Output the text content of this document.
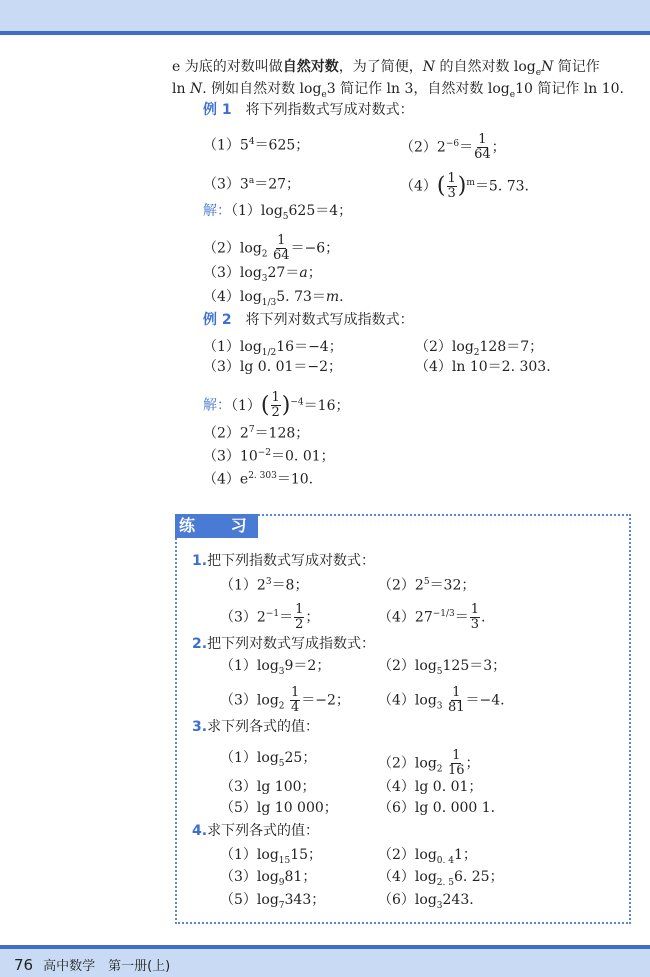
e 为底的对数叫做自然对数，为了简便，N 的自然对数 $\log_eN$ 简记作
ln N. 例如自然对数 $\log_e3$ 简记作 ln 3，自然对数 $\log_e10$ 简记作 ln 10.
例 1　 将下列指数式写成对数式：
$(1)5^4=625$；	$(2)2^{-6}= \frac{1}{64}$ ；
$(3)3^a=27$；	$(4)( \frac{1}{3} )^m=5$. 73.
解：$(1)\log_5625=4$；
$(2)\log_2 \frac{1}{64} =-6$；
$(3)\log_327=a$；
$(4)\log_{1/3}5$. 73＝m.
例 2　 将下列对数式写成指数式：
$(1)\log_{1/2}16=-4$；	$(2)\log_2128=7$；
（3）lg 0. 01＝−2；	（4）ln 10＝2. 303.
解：$(1)( \frac{1}{2} )^{-4}=16$；
$(2)2^7=128$；
$(3)10^{-2}=0$. 01；
$(4)e^{2. 303}=10$.
练 习
1.把下列指数式写成对数式：
$(1)2^3=8$；	$(2)2^5=32$；
$(3)2^{-1}= \frac{1}{2}$ ；	$(4)27^{-1/3}= \frac{1}{3}$ .
2.把下列对数式写成指数式：
$(1)\log_39=2$；	$(2)\log_5125=3$；
$(3)\log_2 \frac{1}{4} =-2$； $(4)\log_3 \frac{1}{81} =-4$.
3.求下列各式的值：
$(1)\log_525$；	$(2)\log_2 \frac{1}{16}$ ；
（3）lg 100；	（4）lg 0. 01；
（5）lg 10 000；	（6）lg 0. 000 1.
4.求下列各式的值：
$(1)\log_{15}15$；	$(2)\log_{0. 4}1$；
$(3)\log_981$；	$(4)\log_{2. 5}6$. 25；
$(5)\log_7343$；	$(6)\log_3243$.
76 高中数学　第一册(上)
